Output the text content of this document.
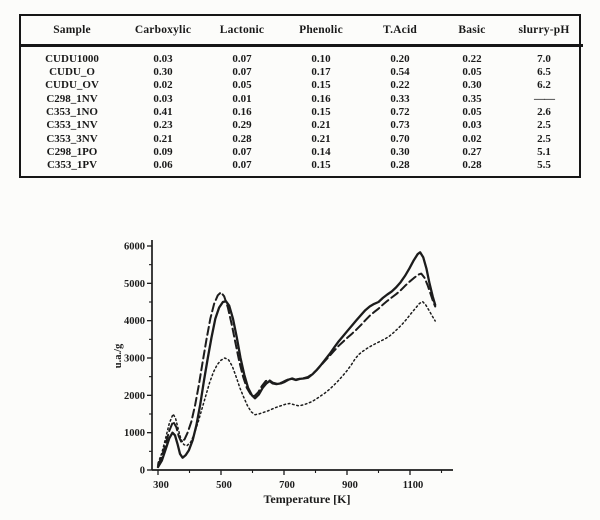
Sample	Carboxylic	Lactonic	Phenolic	T.Acid	Basic	slurry-pH
CUDU1000	0.03	0.07	0.10	0.20	0.22	7.0
CUDU_O	0.30	0.07	0.17	0.54	0.05	6.5
CUDU_OV	0.02	0.05	0.15	0.22	0.30	6.2
C298_1NV	0.03	0.01	0.16	0.33	0.35	——
C353_1NO	0.41	0.16	0.15	0.72	0.05	2.6
C353_1NV	0.23	0.29	0.21	0.73	0.03	2.5
C353_3NV	0.21	0.28	0.21	0.70	0.02	2.5
C298_1PO	0.09	0.07	0.14	0.30	0.27	5.1
C353_1PV	0.06	0.07	0.15	0.28	0.28	5.5
300	500	700	900	1100
0
1000
2000
3000
4000
5000
6000
Temperature [K]
u.a./g
